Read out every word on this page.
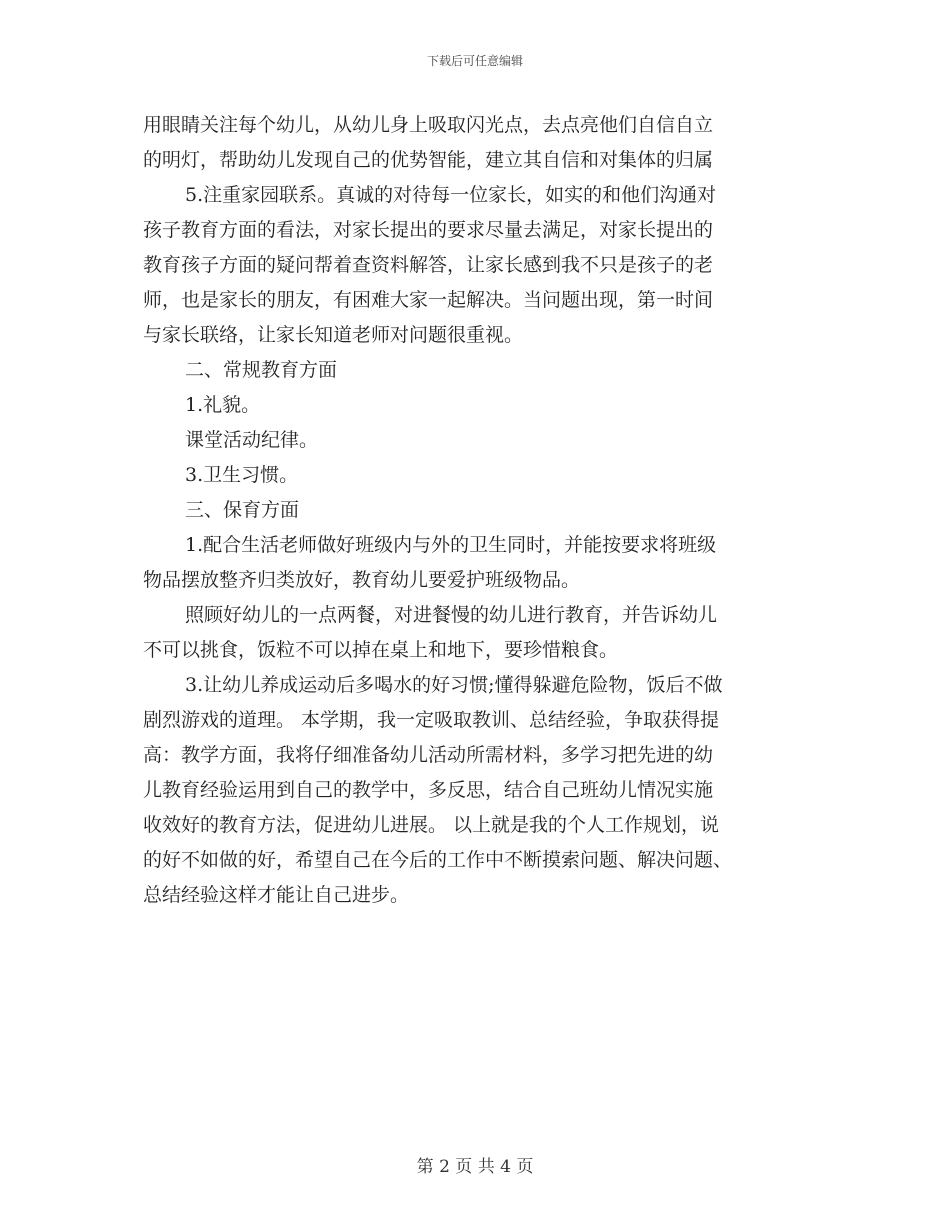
下载后可任意编辑
用眼睛关注每个幼儿，从幼儿身上吸取闪光点，去点亮他们自信自立
的明灯，帮助幼儿发现自己的优势智能，建立其自信和对集体的归属
5.注重家园联系。真诚的对待每一位家长，如实的和他们沟通对
孩子教育方面的看法，对家长提出的要求尽量去满足，对家长提出的
教育孩子方面的疑问帮着查资料解答，让家长感到我不只是孩子的老
师，也是家长的朋友，有困难大家一起解决。当问题出现，第一时间
与家长联络，让家长知道老师对问题很重视。
二、常规教育方面
1.礼貌。
课堂活动纪律。
3.卫生习惯。
三、保育方面
1.配合生活老师做好班级内与外的卫生同时，并能按要求将班级
物品摆放整齐归类放好，教育幼儿要爱护班级物品。
照顾好幼儿的一点两餐，对进餐慢的幼儿进行教育，并告诉幼儿
不可以挑食，饭粒不可以掉在桌上和地下，要珍惜粮食。
3.让幼儿养成运动后多喝水的好习惯;懂得躲避危险物，饭后不做
剧烈游戏的道理。 本学期，我一定吸取教训、总结经验，争取获得提
高：教学方面，我将仔细准备幼儿活动所需材料，多学习把先进的幼
儿教育经验运用到自己的教学中，多反思，结合自己班幼儿情况实施
收效好的教育方法，促进幼儿进展。 以上就是我的个人工作规划，说
的好不如做的好，希望自己在今后的工作中不断摸索问题、解决问题、
总结经验这样才能让自己进步。
第 2 页 共 4 页
